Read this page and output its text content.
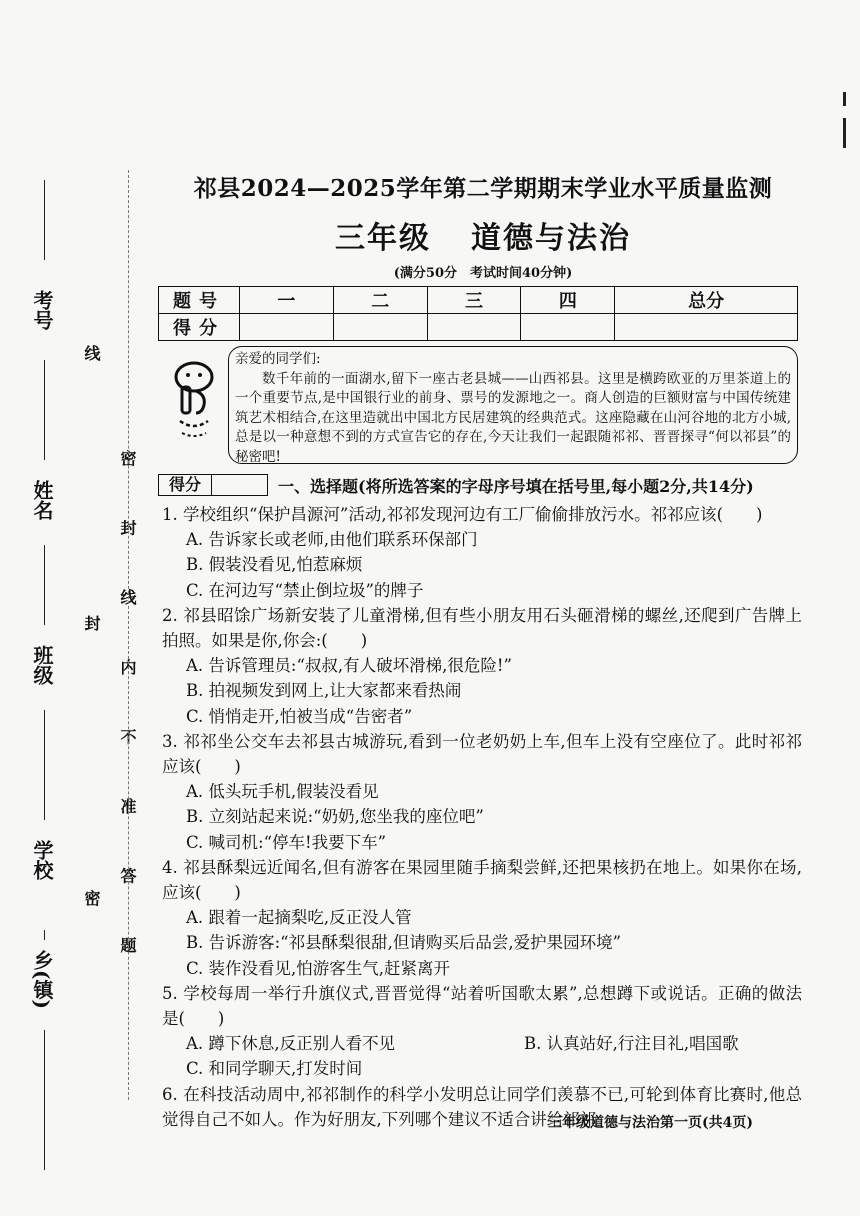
考号
姓名
班级
学校
乡(镇)
线
封
密 密 封 线 内 不 准 答 题
祁县2024—2025学年第二学期期末学业水平质量监测
三年级 道德与法治
(满分50分　考试时间40分钟)
题号	一	二	三	四	总分
得分					
亲爱的同学们:
数千年前的一面湖水,留下一座古老县城——山西祁县。这里是横跨欧亚的万里茶道上的一个重要节点,是中国银行业的前身、票号的发源地之一。商人创造的巨额财富与中国传统建筑艺术相结合,在这里造就出中国北方民居建筑的经典范式。这座隐藏在山河谷地的北方小城,总是以一种意想不到的方式宣告它的存在,今天让我们一起跟随祁祁、晋晋探寻“何以祁县”的秘密吧!
得分	一、选择题(将所选答案的字母序号填在括号里,每小题2分,共14分)
1. 学校组织“保护昌源河”活动,祁祁发现河边有工厂偷偷排放污水。祁祁应该(　　)
A. 告诉家长或老师,由他们联系环保部门
B. 假装没看见,怕惹麻烦
C. 在河边写“禁止倒垃圾”的牌子
2. 祁县昭馀广场新安装了儿童滑梯,但有些小朋友用石头砸滑梯的螺丝,还爬到广告牌上拍照。如果是你,你会:(　　)
A. 告诉管理员:“叔叔,有人破坏滑梯,很危险!”
B. 拍视频发到网上,让大家都来看热闹
C. 悄悄走开,怕被当成“告密者”
3. 祁祁坐公交车去祁县古城游玩,看到一位老奶奶上车,但车上没有空座位了。此时祁祁应该(　　)
A. 低头玩手机,假装没看见
B. 立刻站起来说:“奶奶,您坐我的座位吧”
C. 喊司机:“停车!我要下车”
4. 祁县酥梨远近闻名,但有游客在果园里随手摘梨尝鲜,还把果核扔在地上。如果你在场,应该(　　)
A. 跟着一起摘梨吃,反正没人管
B. 告诉游客:“祁县酥梨很甜,但请购买后品尝,爱护果园环境”
C. 装作没看见,怕游客生气,赶紧离开
5. 学校每周一举行升旗仪式,晋晋觉得“站着听国歌太累”,总想蹲下或说话。正确的做法是(　　)
A. 蹲下休息,反正别人看不见	B. 认真站好,行注目礼,唱国歌
C. 和同学聊天,打发时间
6. 在科技活动周中,祁祁制作的科学小发明总让同学们羡慕不已,可轮到体育比赛时,他总觉得自己不如人。作为好朋友,下列哪个建议不适合讲给祁祁
三年级道德与法治第一页(共4页)
